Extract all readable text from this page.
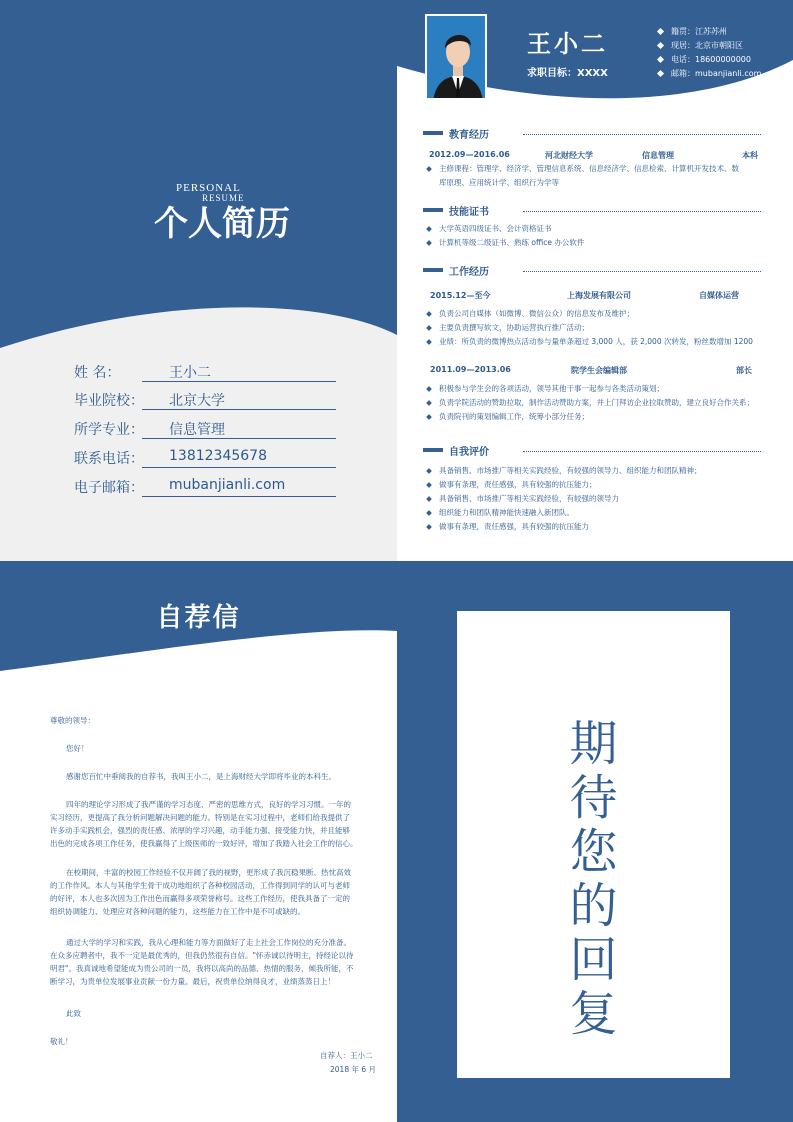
PERSONAL
RESUME
个人简历
姓 名：	王小二
毕业院校：	北京大学
所学专业：	信息管理
联系电话：	13812345678
电子邮箱：	mubanjianli.com
王小二
求职目标：XXXX
籍贯：江苏苏州
现居：北京市朝阳区
电话：18600000000
邮箱：mubanjianli.com
教育经历
2012.09—2016.06	河北财经大学	信息管理	本科
主修课程：管理学、经济学、管理信息系统、信息经济学、信息检索、计算机开发技术、数
库原理、应用统计学、组织行为学等
技能证书
大学英语四级证书、会计资格证书
计算机等级二级证书、熟练 office 办公软件
工作经历
2015.12—至今	上海发展有限公司	自媒体运营
负责公司自媒体（如微博、微信公众）的信息发布及维护；
主要负责撰写软文，协助运营执行推广活动；
业绩：所负责的微博热点活动参与量单条超过 3,000 人，获 2,000 次转发，粉丝数增加 1200
2011.09—2013.06	院学生会编辑部	部长
积极参与学生会的各项活动，领导其他干事一起参与各类活动策划；
负责学院活动的赞助拉取，制作活动赞助方案，并上门拜访企业拉取赞助，建立良好合作关系；
负责院刊的策划编辑工作，统筹小部分任务；
自我评价
具备销售、市场推广等相关实践经验，有较强的领导力、组织能力和团队精神；
做事有条理，责任感强，具有较强的抗压能力；
具备销售、市场推广等相关实践经验，有较强的领导力
组织能力和团队精神能快速融入新团队。
做事有条理，责任感强，具有较强的抗压能力
自荐信
尊敬的领导：
您好！
感谢您百忙中垂阅我的自荐书，我叫王小二，是上海财经大学即将毕业的本科生。
四年的理论学习形成了我严谨的学习态度、严密的思维方式，良好的学习习惯。一年的
实习经历，更提高了我分析问题解决问题的能力。特别是在实习过程中，老师们给我提供了
许多动手实践机会，强烈的责任感、浓厚的学习兴趣，动手能力强、接受能力快，并且能够
出色的完成各项工作任务，使我赢得了上级医师的一致好评，增加了我踏入社会工作的信心。
在校期间，丰富的校园工作经验不仅开阔了我的视野，更形成了我沉稳果断、热忱高效
的工作作风。本人与其他学生骨干成功地组织了各种校园活动，工作得到同学的认可与老师
的好评，本人也多次因为工作出色而赢得多项荣誉称号。这些工作经历，使我具备了一定的
组织协调能力、处理应对各种问题的能力，这些能力在工作中是不可或缺的。
通过大学的学习和实践，我从心理和能力等方面做好了走上社会工作岗位的充分准备。
在众多应聘者中，我不一定是最优秀的，但我仍然很有自信。"怀赤诚以待明主，持经论以待
明君"。我真诚地希望能成为贵公司的一员，我将以高尚的品德、热情的服务，倾我所能，不
断学习，为贵单位发展事业贡献一份力量。最后，祝贵单位纳得良才，业绩蒸蒸日上！
此致
敬礼！
自荐人：王小二
2018 年 6 月
期
待
您
的
回
复
